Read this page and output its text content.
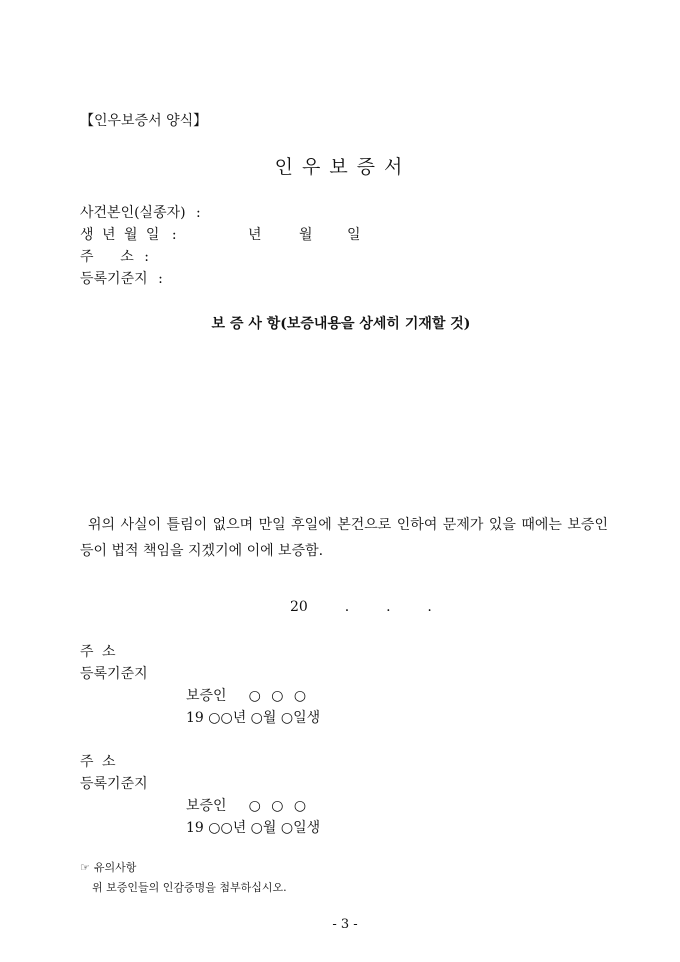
【인우보증서 양식】
인우보증서
사건본인(실종자) :
생 년 월 일 :	년	월 일
주      소 :
등록기준지 :
보 증 사 항(보증내용을 상세히 기재할 것)
위의 사실이 틀림이 없으며 만일 후일에 본건으로 인하여 문제가 있을 때에는 보증인등이 법적 책임을 지겠기에 이에 보증함.
20  .  .  .
주 소
등록기준지
보증인 ○ ○ ○
19 ○○년 ○월 ○일생
주 소
등록기준지
보증인 ○ ○ ○
19 ○○년 ○월 ○일생
☞ 유의사항
위 보증인들의 인감증명을 첨부하십시오.
- 3 -
